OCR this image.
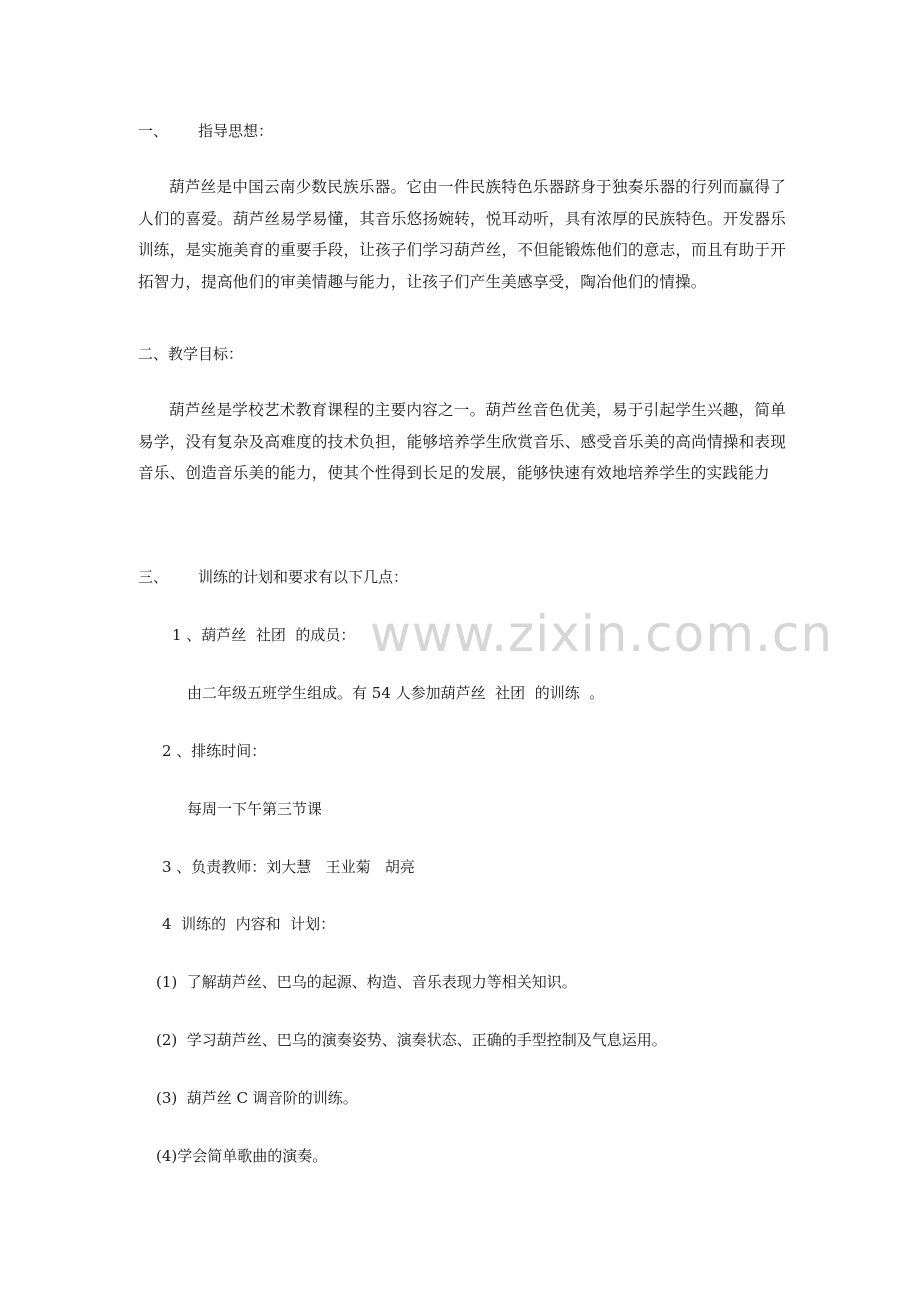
一、 指导思想：
葫芦丝是中国云南少数民族乐器。它由一件民族特色乐器跻身于独奏乐器的行列而赢得了人们的喜爱。葫芦丝易学易懂，其音乐悠扬婉转，悦耳动听，具有浓厚的民族特色。开发器乐训练，是实施美育的重要手段，让孩子们学习葫芦丝，不但能锻炼他们的意志，而且有助于开拓智力，提高他们的审美情趣与能力，让孩子们产生美感享受，陶冶他们的情操。
二、教学目标：
葫芦丝是学校艺术教育课程的主要内容之一。葫芦丝音色优美，易于引起学生兴趣，简单易学，没有复杂及高难度的技术负担，能够培养学生欣赏音乐、感受音乐美的高尚情操和表现音乐、创造音乐美的能力，使其个性得到长足的发展，能够快速有效地培养学生的实践能力
三、 训练的计划和要求有以下几点：
www.zixin.com.cn
1 、葫芦丝  社团  的成员：
由二年级五班学生组成。有 54 人参加葫芦丝  社团  的训练  。
2 、排练时间：
每周一下午第三节课
3 、负责教师：刘大慧   王业菊   胡亮
4  训练的  内容和  计划：
(1)  了解葫芦丝、巴乌的起源、构造、音乐表现力等相关知识。
(2)  学习葫芦丝、巴乌的演奏姿势、演奏状态、正确的手型控制及气息运用。
(3)  葫芦丝 C 调音阶的训练。
(4)学会简单歌曲的演奏。
